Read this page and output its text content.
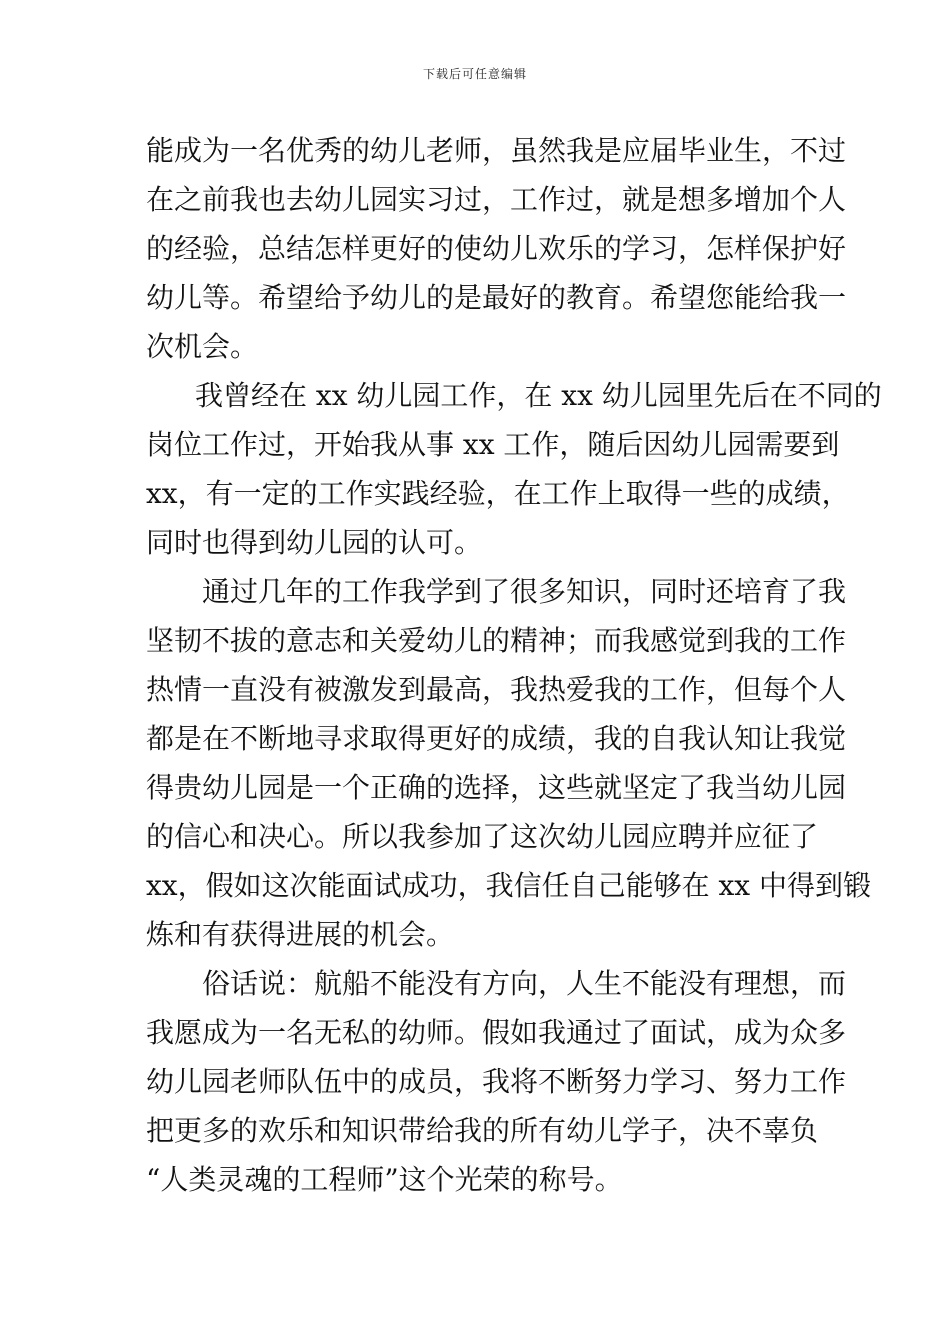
下载后可任意编辑
能成为一名优秀的幼儿老师，虽然我是应届毕业生，不过
在之前我也去幼儿园实习过，工作过，就是想多增加个人
的经验，总结怎样更好的使幼儿欢乐的学习，怎样保护好
幼儿等。希望给予幼儿的是最好的教育。希望您能给我一
次机会。
我曾经在 xx 幼儿园工作，在 xx 幼儿园里先后在不同的
岗位工作过，开始我从事 xx 工作，随后因幼儿园需要到
xx，有一定的工作实践经验，在工作上取得一些的成绩，
同时也得到幼儿园的认可。
通过几年的工作我学到了很多知识，同时还培育了我
坚韧不拔的意志和关爱幼儿的精神；而我感觉到我的工作
热情一直没有被激发到最高，我热爱我的工作，但每个人
都是在不断地寻求取得更好的成绩，我的自我认知让我觉
得贵幼儿园是一个正确的选择，这些就坚定了我当幼儿园
的信心和决心。所以我参加了这次幼儿园应聘并应征了
xx，假如这次能面试成功，我信任自己能够在 xx 中得到锻
炼和有获得进展的机会。
俗话说：航船不能没有方向，人生不能没有理想，而
我愿成为一名无私的幼师。假如我通过了面试，成为众多
幼儿园老师队伍中的成员，我将不断努力学习、努力工作
把更多的欢乐和知识带给我的所有幼儿学子，决不辜负
“人类灵魂的工程师”这个光荣的称号。
